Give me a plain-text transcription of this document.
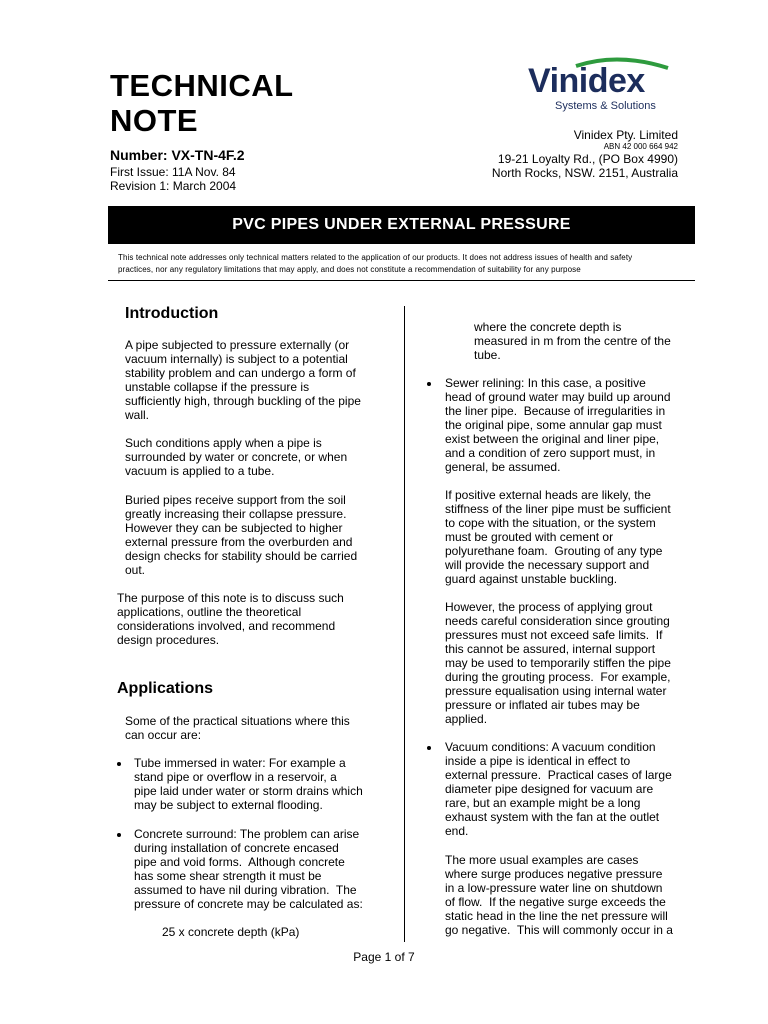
TECHNICAL
NOTE
Number: VX-TN-4F.2
First Issue: 11A Nov. 84
Revision 1: March 2004
Vinidex
Systems & Solutions
Vinidex Pty. Limited
ABN 42 000 664 942
19-21 Loyalty Rd., (PO Box 4990)
North Rocks, NSW. 2151, Australia
PVC PIPES UNDER EXTERNAL PRESSURE
This technical note addresses only technical matters related to the application of our products. It does not address issues of health and safety
practices, nor any regulatory limitations that may apply, and does not constitute a recommendation of suitability for any purpose
Introduction
A pipe subjected to pressure externally (or
vacuum internally) is subject to a potential
stability problem and can undergo a form of
unstable collapse if the pressure is
sufficiently high, through buckling of the pipe
wall.
Such conditions apply when a pipe is
surrounded by water or concrete, or when
vacuum is applied to a tube.
Buried pipes receive support from the soil
greatly increasing their collapse pressure.
However they can be subjected to higher
external pressure from the overburden and
design checks for stability should be carried
out.
The purpose of this note is to discuss such
applications, outline the theoretical
considerations involved, and recommend
design procedures.
Applications
Some of the practical situations where this
can occur are:
Tube immersed in water: For example a
stand pipe or overflow in a reservoir, a
pipe laid under water or storm drains which
may be subject to external flooding.
Concrete surround: The problem can arise
during installation of concrete encased
pipe and void forms.  Although concrete
has some shear strength it must be
assumed to have nil during vibration.  The
pressure of concrete may be calculated as:
25 x concrete depth (kPa)
where the concrete depth is
measured in m from the centre of the
tube.
Sewer relining: In this case, a positive
head of ground water may build up around
the liner pipe.  Because of irregularities in
the original pipe, some annular gap must
exist between the original and liner pipe,
and a condition of zero support must, in
general, be assumed.
If positive external heads are likely, the
stiffness of the liner pipe must be sufficient
to cope with the situation, or the system
must be grouted with cement or
polyurethane foam.  Grouting of any type
will provide the necessary support and
guard against unstable buckling.
However, the process of applying grout
needs careful consideration since grouting
pressures must not exceed safe limits.  If
this cannot be assured, internal support
may be used to temporarily stiffen the pipe
during the grouting process.  For example,
pressure equalisation using internal water
pressure or inflated air tubes may be
applied.
Vacuum conditions: A vacuum condition
inside a pipe is identical in effect to
external pressure.  Practical cases of large
diameter pipe designed for vacuum are
rare, but an example might be a long
exhaust system with the fan at the outlet
end.
The more usual examples are cases
where surge produces negative pressure
in a low-pressure water line on shutdown
of flow.  If the negative surge exceeds the
static head in the line the net pressure will
go negative.  This will commonly occur in a
Page 1 of 7
